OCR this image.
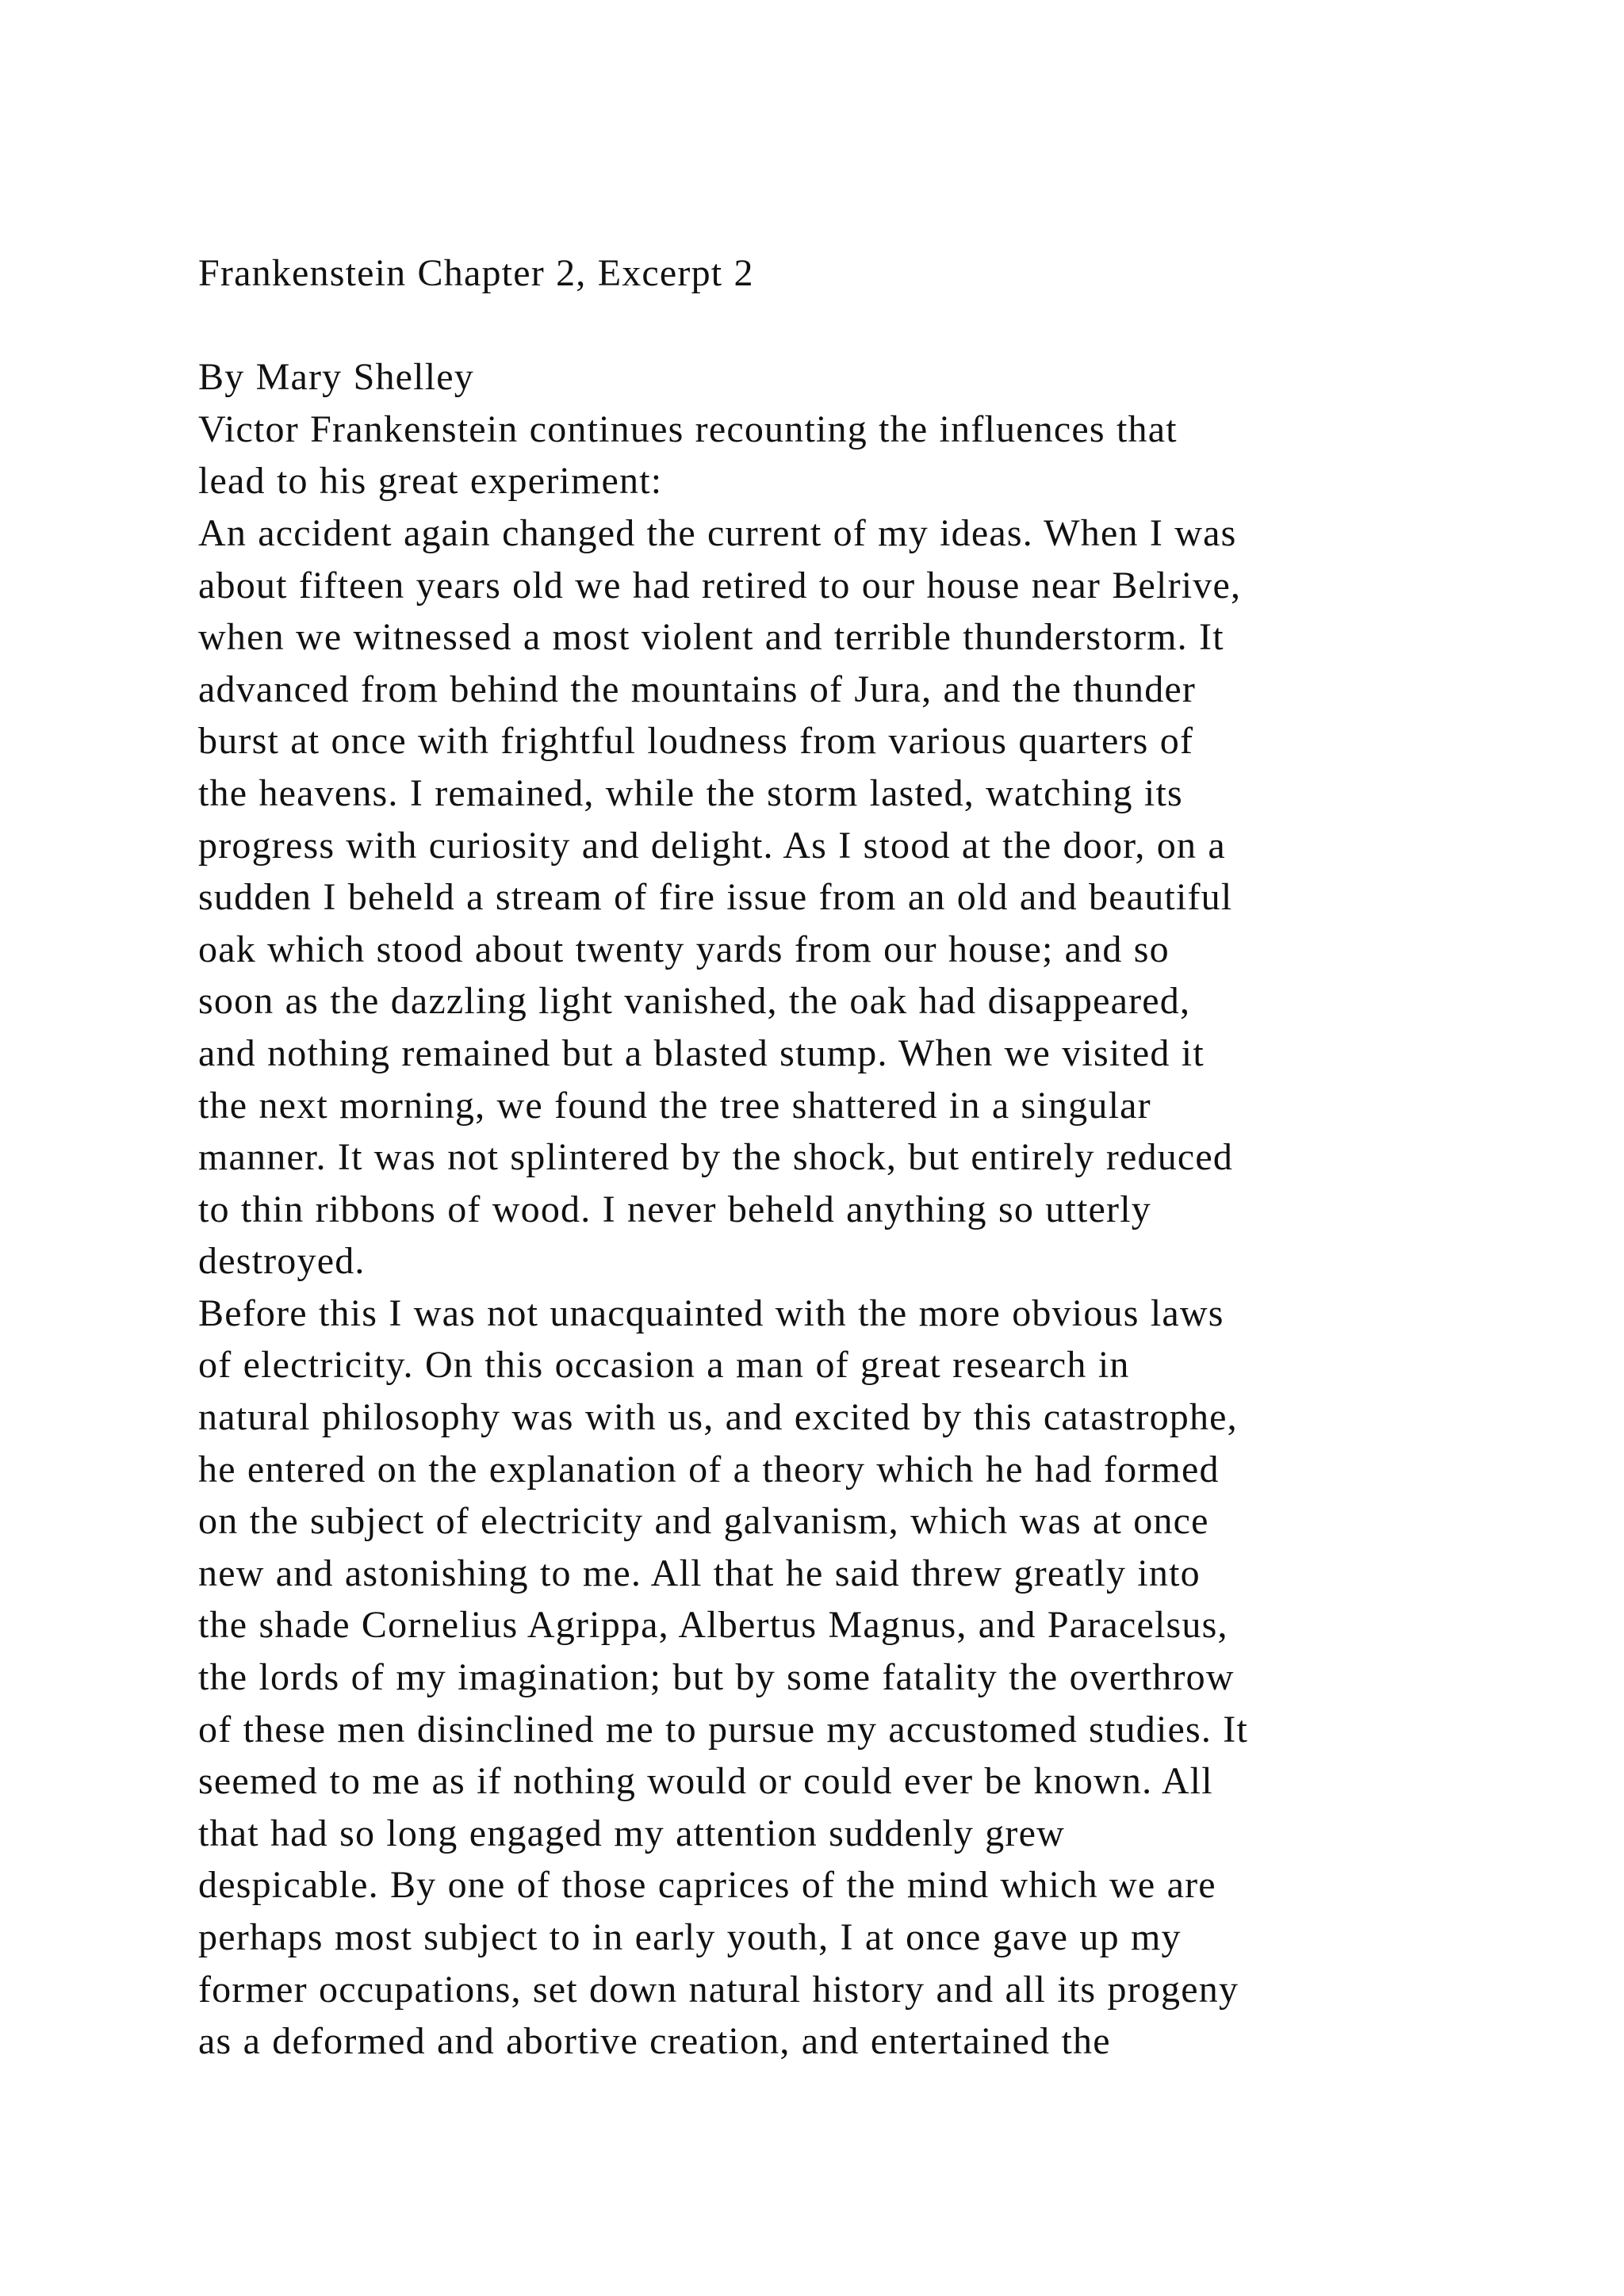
Frankenstein Chapter 2, Excerpt 2
By Mary Shelley
Victor Frankenstein continues recounting the influences that
lead to his great experiment:
An accident again changed the current of my ideas. When I was
about fifteen years old we had retired to our house near Belrive,
when we witnessed a most violent and terrible thunderstorm. It
advanced from behind the mountains of Jura, and the thunder
burst at once with frightful loudness from various quarters of
the heavens. I remained, while the storm lasted, watching its
progress with curiosity and delight. As I stood at the door, on a
sudden I beheld a stream of fire issue from an old and beautiful
oak which stood about twenty yards from our house; and so
soon as the dazzling light vanished, the oak had disappeared,
and nothing remained but a blasted stump. When we visited it
the next morning, we found the tree shattered in a singular
manner. It was not splintered by the shock, but entirely reduced
to thin ribbons of wood. I never beheld anything so utterly
destroyed.
Before this I was not unacquainted with the more obvious laws
of electricity. On this occasion a man of great research in
natural philosophy was with us, and excited by this catastrophe,
he entered on the explanation of a theory which he had formed
on the subject of electricity and galvanism, which was at once
new and astonishing to me. All that he said threw greatly into
the shade Cornelius Agrippa, Albertus Magnus, and Paracelsus,
the lords of my imagination; but by some fatality the overthrow
of these men disinclined me to pursue my accustomed studies. It
seemed to me as if nothing would or could ever be known. All
that had so long engaged my attention suddenly grew
despicable. By one of those caprices of the mind which we are
perhaps most subject to in early youth, I at once gave up my
former occupations, set down natural history and all its progeny
as a deformed and abortive creation, and entertained the
